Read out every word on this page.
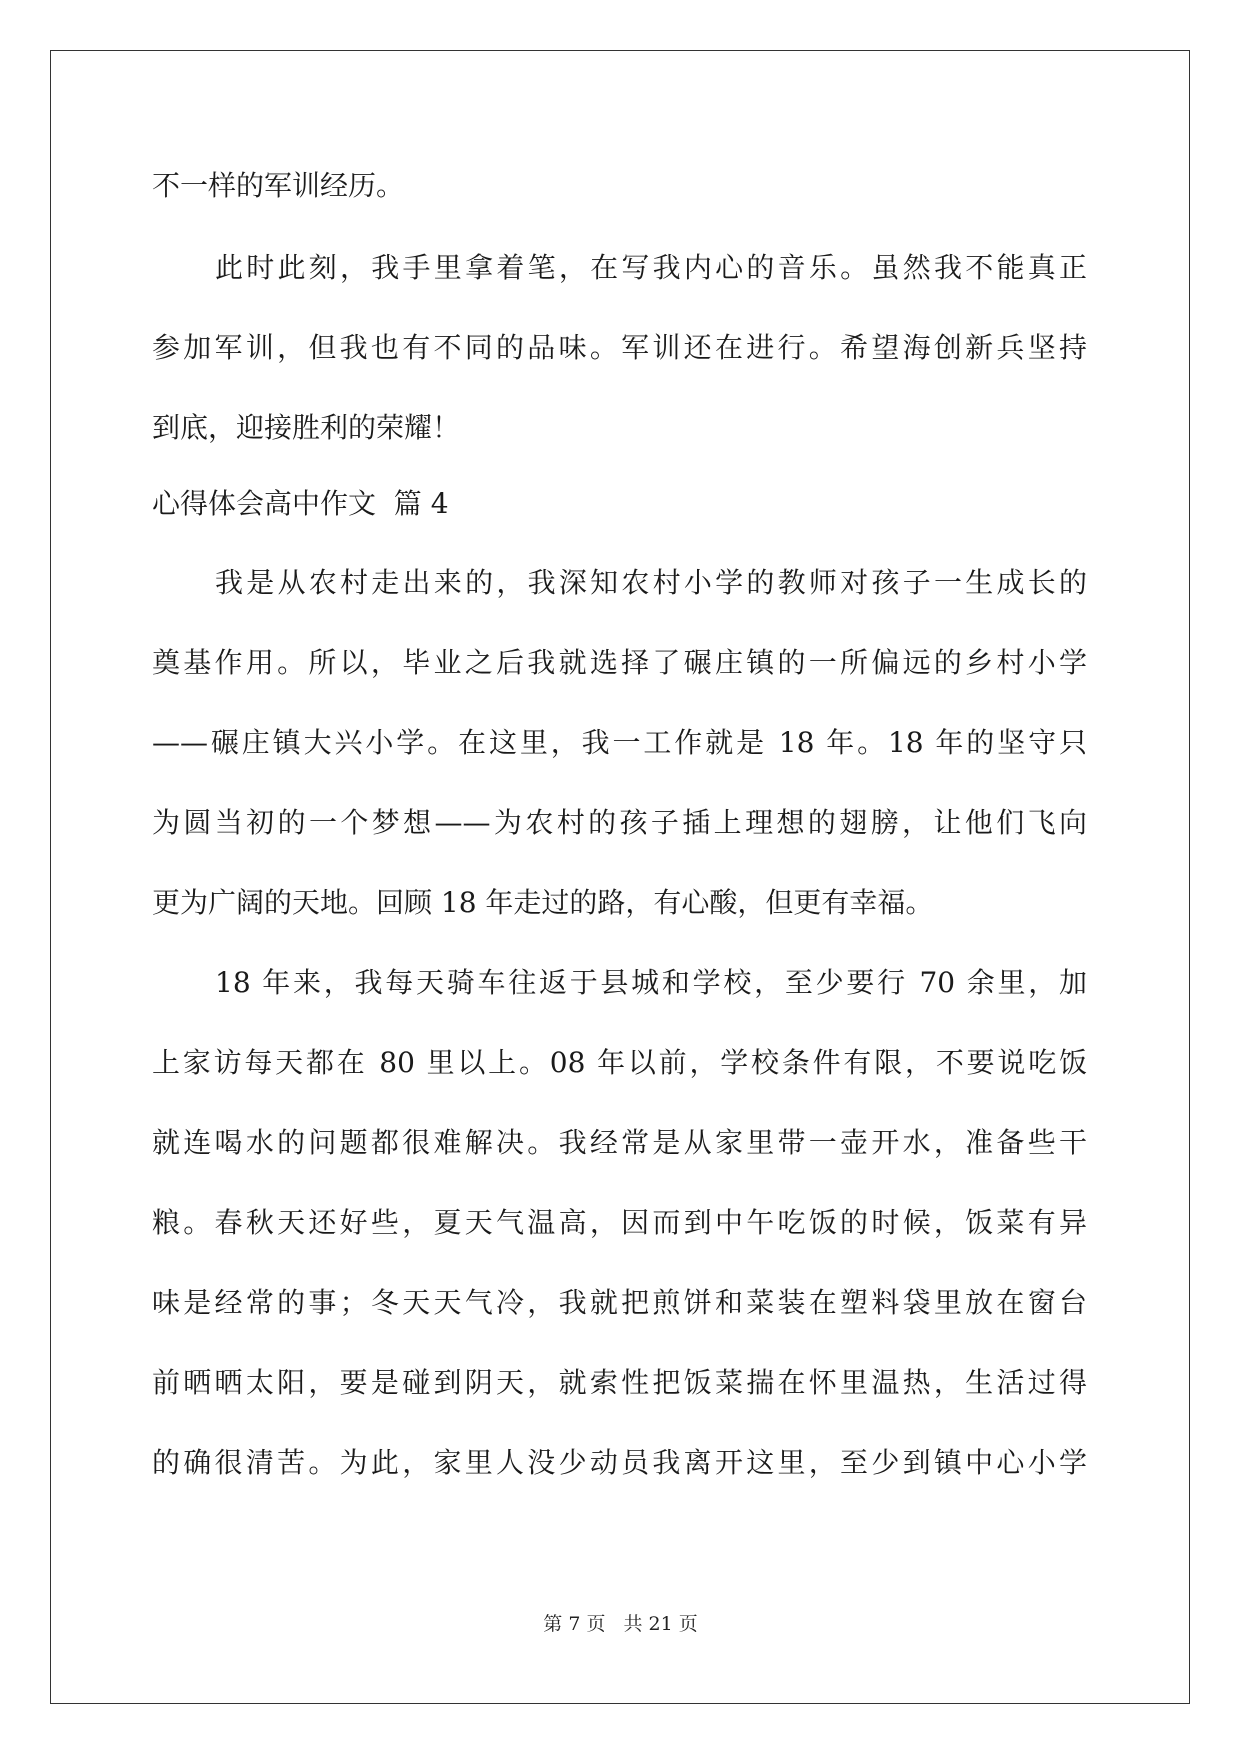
不一样的军训经历。
此时此刻，我手里拿着笔，在写我内心的音乐。虽然我不能真正
参加军训，但我也有不同的品味。军训还在进行。希望海创新兵坚持
到底，迎接胜利的荣耀！
心得体会高中作文  篇 4
我是从农村走出来的，我深知农村小学的教师对孩子一生成长的
奠基作用。所以，毕业之后我就选择了碾庄镇的一所偏远的乡村小学
——碾庄镇大兴小学。在这里，我一工作就是 18 年。18 年的坚守只
为圆当初的一个梦想——为农村的孩子插上理想的翅膀，让他们飞向
更为广阔的天地。回顾 18 年走过的路，有心酸，但更有幸福。
18 年来，我每天骑车往返于县城和学校，至少要行 70 余里，加
上家访每天都在 80 里以上。08 年以前，学校条件有限，不要说吃饭
就连喝水的问题都很难解决。我经常是从家里带一壶开水，准备些干
粮。春秋天还好些，夏天气温高，因而到中午吃饭的时候，饭菜有异
味是经常的事；冬天天气冷，我就把煎饼和菜装在塑料袋里放在窗台
前晒晒太阳，要是碰到阴天，就索性把饭菜揣在怀里温热，生活过得
的确很清苦。为此，家里人没少动员我离开这里，至少到镇中心小学
第 7 页 共 21 页
